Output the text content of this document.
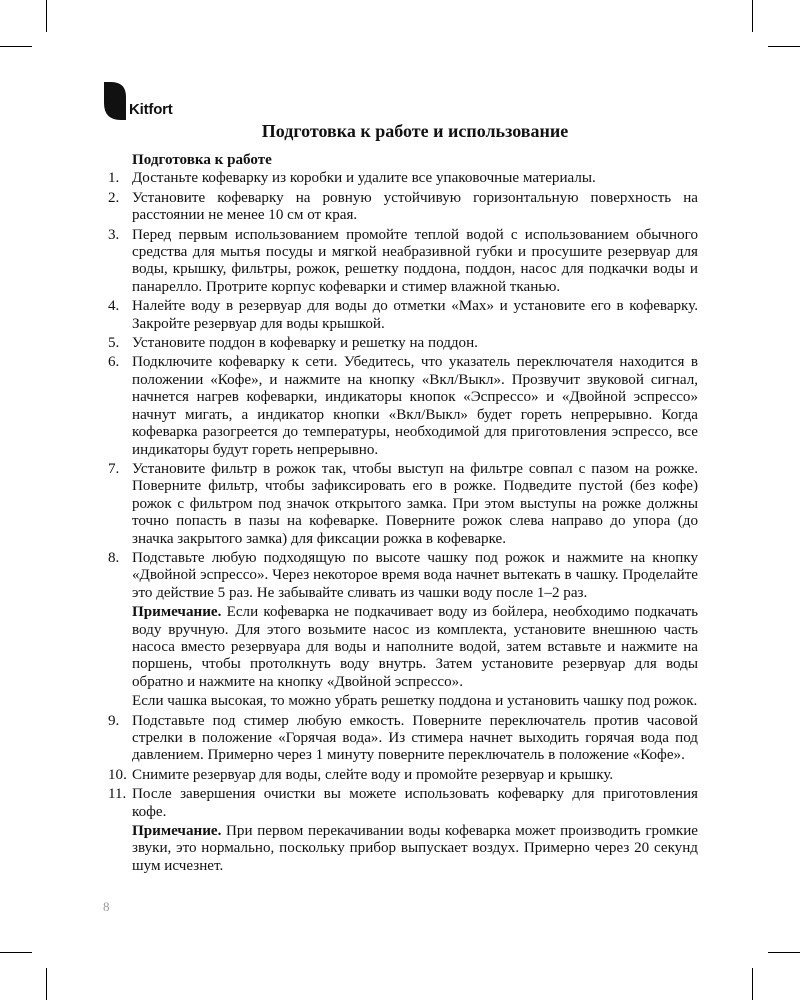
Kitfort
Подготовка к работе и использование
Подготовка к работе
1. Достаньте кофеварку из коробки и удалите все упаковочные материалы.

2. Установите кофеварку на ровную устойчивую горизонтальную поверхность на расстоянии не менее 10 см от края.

3. Перед первым использованием промойте теплой водой с использованием обычного средства для мытья посуды и мягкой неабразивной губки и просушите резервуар для воды, крышку, фильтры, рожок, решетку поддона, поддон, насос для подкачки воды и панарелло. Протрите корпус кофеварки и стимер влажной тканью.

4. Налейте воду в резервуар для воды до отметки «Max» и установите его в кофеварку. Закройте резервуар для воды крышкой.

5. Установите поддон в кофеварку и решетку на поддон.

6. Подключите кофеварку к сети. Убедитесь, что указатель переключателя находится в положении «Кофе», и нажмите на кнопку «Вкл/Выкл». Прозвучит звуковой сигнал, начнется нагрев кофеварки, индикаторы кнопок «Эспрессо» и «Двойной эспрессо» начнут мигать, а индикатор кнопки «Вкл/Выкл» будет гореть непрерывно. Когда кофеварка разогреется до температуры, необходимой для приготовления эспрессо, все индикаторы будут гореть непрерывно.

7. Установите фильтр в рожок так, чтобы выступ на фильтре совпал с пазом на рожке. Поверните фильтр, чтобы зафиксировать его в рожке. Подведите пустой (без кофе) рожок с фильтром под значок открытого замка. При этом выступы на рожке должны точно попасть в пазы на кофеварке. Поверните рожок слева направо до упора (до значка закрытого замка) для фиксации рожка в кофеварке.

8. Подставьте любую подходящую по высоте чашку под рожок и нажмите на кнопку «Двойной эспрессо». Через некоторое время вода начнет вытекать в чашку. Проделайте это действие 5 раз. Не забывайте сливать из чашки воду после 1–2 раз.

Примечание. Если кофеварка не подкачивает воду из бойлера, необходимо подкачать воду вручную. Для этого возьмите насос из комплекта, установите внешнюю часть насоса вместо резервуара для воды и наполните водой, затем вставьте и нажмите на поршень, чтобы протолкнуть воду внутрь. Затем установите резервуар для воды обратно и нажмите на кнопку «Двойной эспрессо».

Если чашка высокая, то можно убрать решетку поддона и установить чашку под рожок.

9. Подставьте под стимер любую емкость. Поверните переключатель против часовой стрелки в положение «Горячая вода». Из стимера начнет выходить горячая вода под давлением. Примерно через 1 минуту поверните переключатель в положение «Кофе».

10. Снимите резервуар для воды, слейте воду и промойте резервуар и крышку.

11. После завершения очистки вы можете использовать кофеварку для приготовления кофе.

Примечание. При первом перекачивании воды кофеварка может производить громкие звуки, это нормально, поскольку прибор выпускает воздух. Примерно через 20 секунд шум исчезнет.

8
